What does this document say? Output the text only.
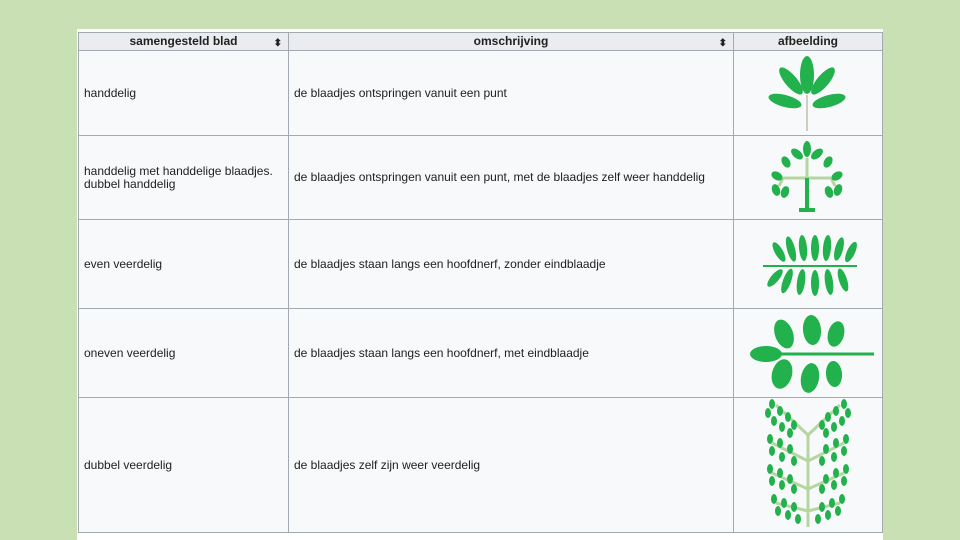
samengesteld blad ⬍	omschrijving ⬍	afbeelding
handdelig	de blaadjes ontspringen vanuit een punt	

handdelig met handdelige blaadjes. dubbel handdelig	de blaadjes ontspringen vanuit een punt, met de blaadjes zelf weer handdelig	

even veerdelig	de blaadjes staan langs een hoofdnerf, zonder eindblaadje	

oneven veerdelig	de blaadjes staan langs een hoofdnerf, met eindblaadje	

dubbel veerdelig	de blaadjes zelf zijn weer veerdelig	
